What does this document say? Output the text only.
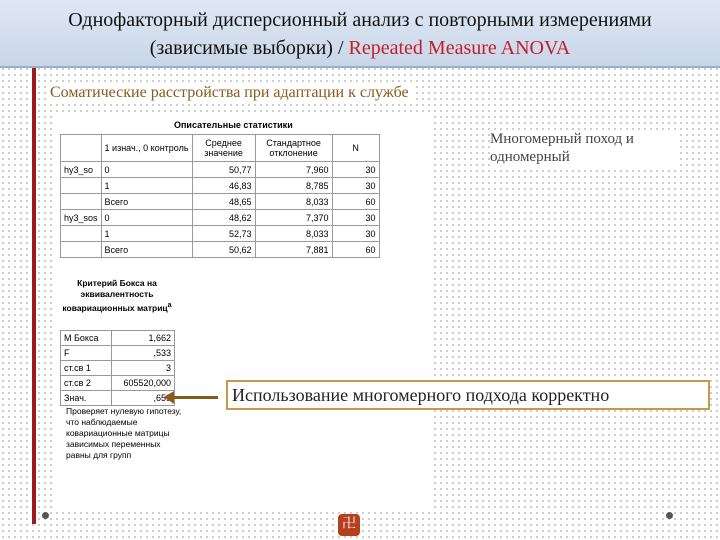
Однофакторный дисперсионный анализ с повторными измерениями
(зависимые выборки) / Repeated Measure ANOVA
Соматические расстройства при адаптации к службе
Описательные статистики
	1 изнач., 0 контроль	Среднее значение	Стандартное отклонение	N
hy3_so	0	50,77	7,960	30
	1	46,83	8,785	30
	Всего	48,65	8,033	60
hy3_sos	0	48,62	7,370	30
	1	52,73	8,033	30
	Всего	50,62	7,881	60
Критерий Бокса на эквивалентность ковариационных матриц$^a$
M Бокса	1,662
F	,533
ст.св 1	3
ст.св 2	605520,000
Знач.	,659
Проверяет нулевую гипотезу, что наблюдаемые ковариационные матрицы зависимых переменных равны для групп
Многомерный поход и одномерный
Использование многомерного подхода корректно
卍
